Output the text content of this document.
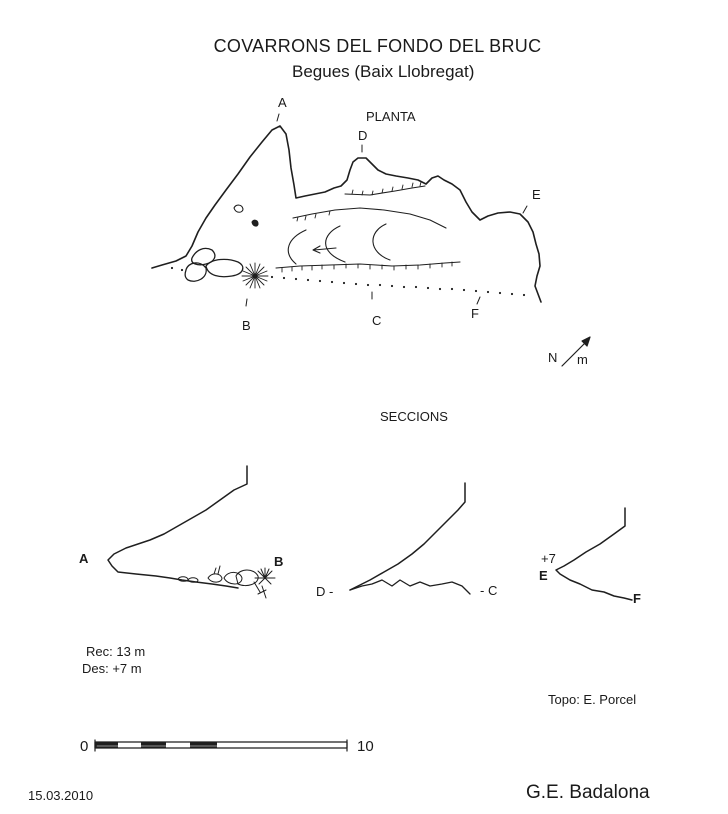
COVARRONS DEL FONDO DEL BRUC
Begues (Baix Llobregat)
PLANTA
A
D
E
B	C	F
N m
SECCIONS
A	B
D -	- C
+7
E
F
Rec: 13 m
Des: +7 m
Topo: E. Porcel
15.03.2010	G.E. Badalona
0	10
